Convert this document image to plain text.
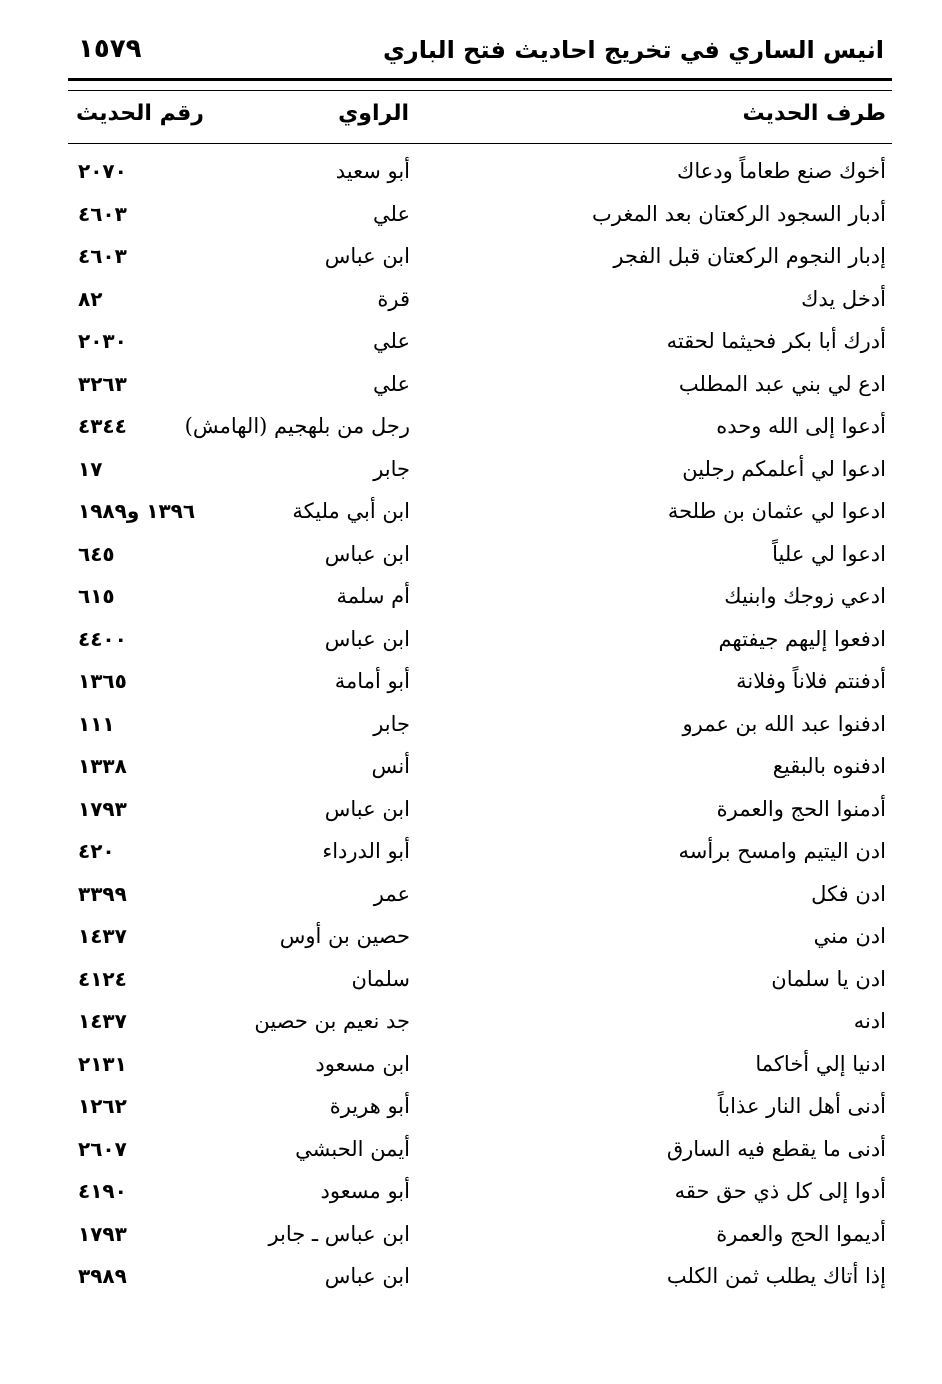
انيس الساري في تخريج احاديث فتح الباري
١٥٧٩
طرف الحديث
الراوي
رقم الحديث
أخوك صنع طعاماً ودعاك
أبو سعيد
٢٠٧٠
أدبار السجود الركعتان بعد المغرب
علي
٤٦٠٣
إدبار النجوم الركعتان قبل الفجر
ابن عباس
٤٦٠٣
أدخل يدك
قرة
٨٢
أدرك أبا بكر فحيثما لحقته
علي
٢٠٣٠
ادع لي بني عبد المطلب
علي
٣٢٦٣
أدعوا إلى الله وحده
رجل من بلهجيم (الهامش)
٤٣٤٤
ادعوا لي أعلمكم رجلين
جابر
١٧
ادعوا لي عثمان بن طلحة
ابن أبي مليكة
١٣٩٦ و١٩٨٩
ادعوا لي علياً
ابن عباس
٦٤٥
ادعي زوجك وابنيك
أم سلمة
٦١٥
ادفعوا إليهم جيفتهم
ابن عباس
٤٤٠٠
أدفنتم فلاناً وفلانة
أبو أمامة
١٣٦٥
ادفنوا عبد الله بن عمرو
جابر
١١١
ادفنوه بالبقيع
أنس
١٣٣٨
أدمنوا الحج والعمرة
ابن عباس
١٧٩٣
ادن اليتيم وامسح برأسه
أبو الدرداء
٤٢٠
ادن فكل
عمر
٣٣٩٩
ادن مني
حصين بن أوس
١٤٣٧
ادن يا سلمان
سلمان
٤١٢٤
ادنه
جد نعيم بن حصين
١٤٣٧
ادنيا إلي أخاكما
ابن مسعود
٢١٣١
أدنى أهل النار عذاباً
أبو هريرة
١٢٦٢
أدنى ما يقطع فيه السارق
أيمن الحبشي
٢٦٠٧
أدوا إلى كل ذي حق حقه
أبو مسعود
٤١٩٠
أديموا الحج والعمرة
ابن عباس ـ جابر
١٧٩٣
إذا أتاك يطلب ثمن الكلب
ابن عباس
٣٩٨٩
